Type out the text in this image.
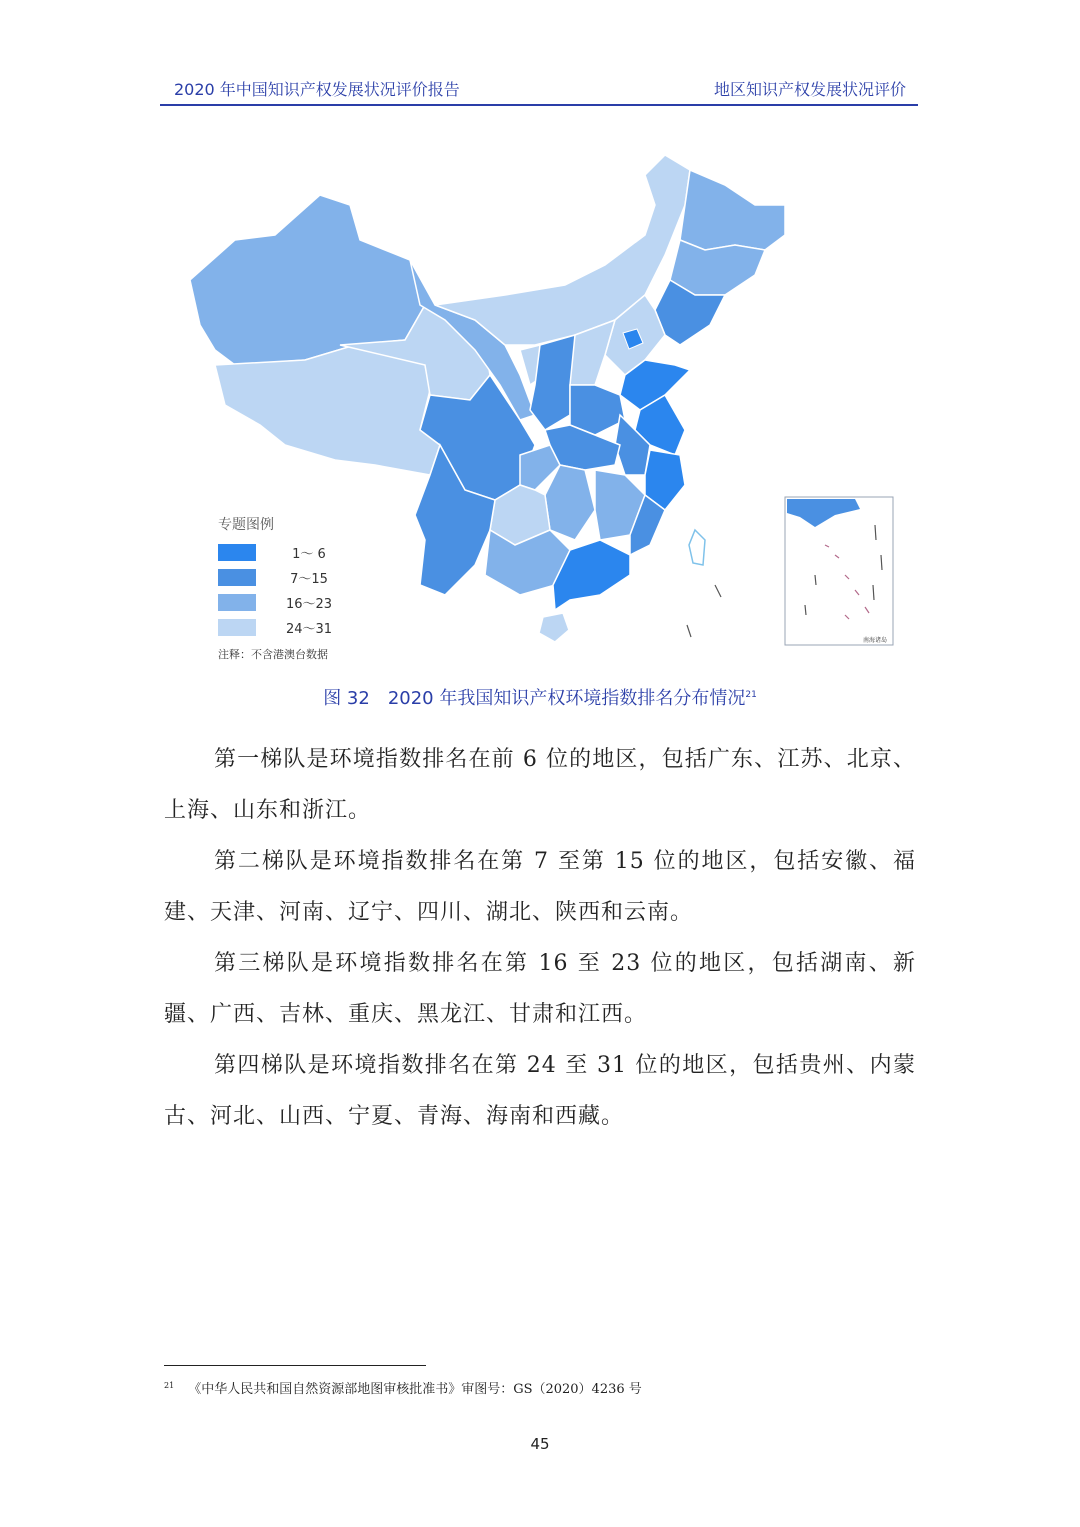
2020 年中国知识产权发展状况评价报告	地区知识产权发展状况评价
南海诸岛
专题图例
1～ 6
7～15
16～23
24～31
注释：不含港澳台数据
图 32　2020 年我国知识产权环境指数排名分布情况$^{21}$

第一梯队是环境指数排名在前 6 位的地区，包括广东、江苏、北京、上海、山东和浙江。

第二梯队是环境指数排名在第 7 至第 15 位的地区，包括安徽、福建、天津、河南、辽宁、四川、湖北、陕西和云南。

第三梯队是环境指数排名在第 16 至 23 位的地区，包括湖南、新疆、广西、吉林、重庆、黑龙江、甘肃和江西。

第四梯队是环境指数排名在第 24 至 31 位的地区，包括贵州、内蒙古、河北、山西、宁夏、青海、海南和西藏。

$^{21}$ 《中华人民共和国自然资源部地图审核批准书》审图号：GS（2020）4236 号
45
